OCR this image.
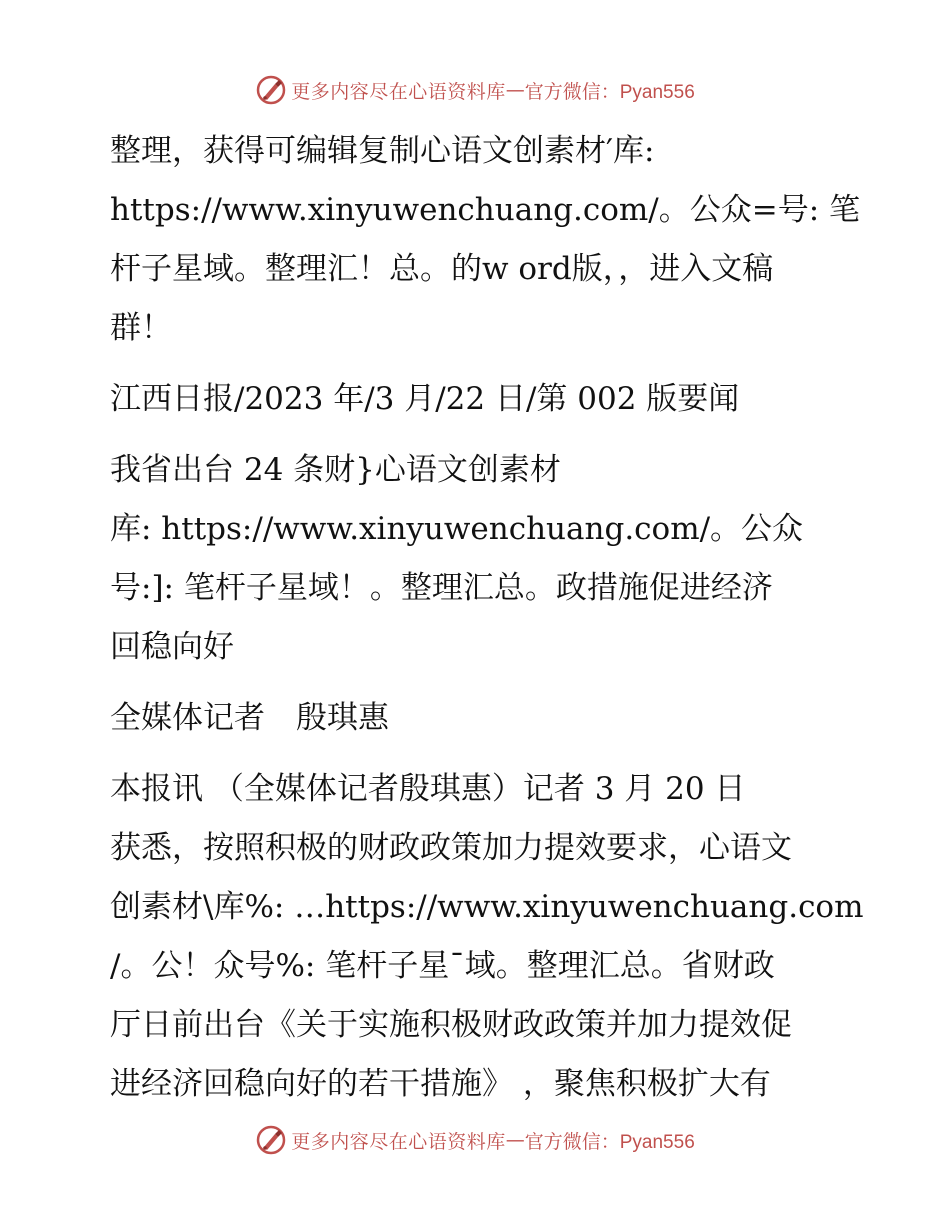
更多内容尽在心语资料库 — 官方微信：Pyan556
整理，获得可编辑复制心语文创素材′库:
https://www.xinyuwenchuang.com/。公众=号: 笔
杆子星域。整理汇！总。的w ord版，，进入文稿
群！
江西日报/2023 年/3 月/22 日/第 002 版要闻
我省出台 24 条财}心语文创素材
库: https://www.xinyuwenchuang.com/。公众
号:]: 笔杆子星域！。整理汇总。政措施促进经济
回稳向好
全媒体记者　殷琪惠
本报讯 （全媒体记者殷琪惠）记者 3 月 20 日
获悉，按照积极的财政政策加力提效要求，心语文
创素材\库%: …https://www.xinyuwenchuang.com
/。公！众号%: 笔杆子星¯域。整理汇总。省财政
厅日前出台《关于实施积极财政政策并加力提效促
进经济回稳向好的若干措施》 ，聚焦积极扩大有
更多内容尽在心语资料库 — 官方微信：Pyan556
